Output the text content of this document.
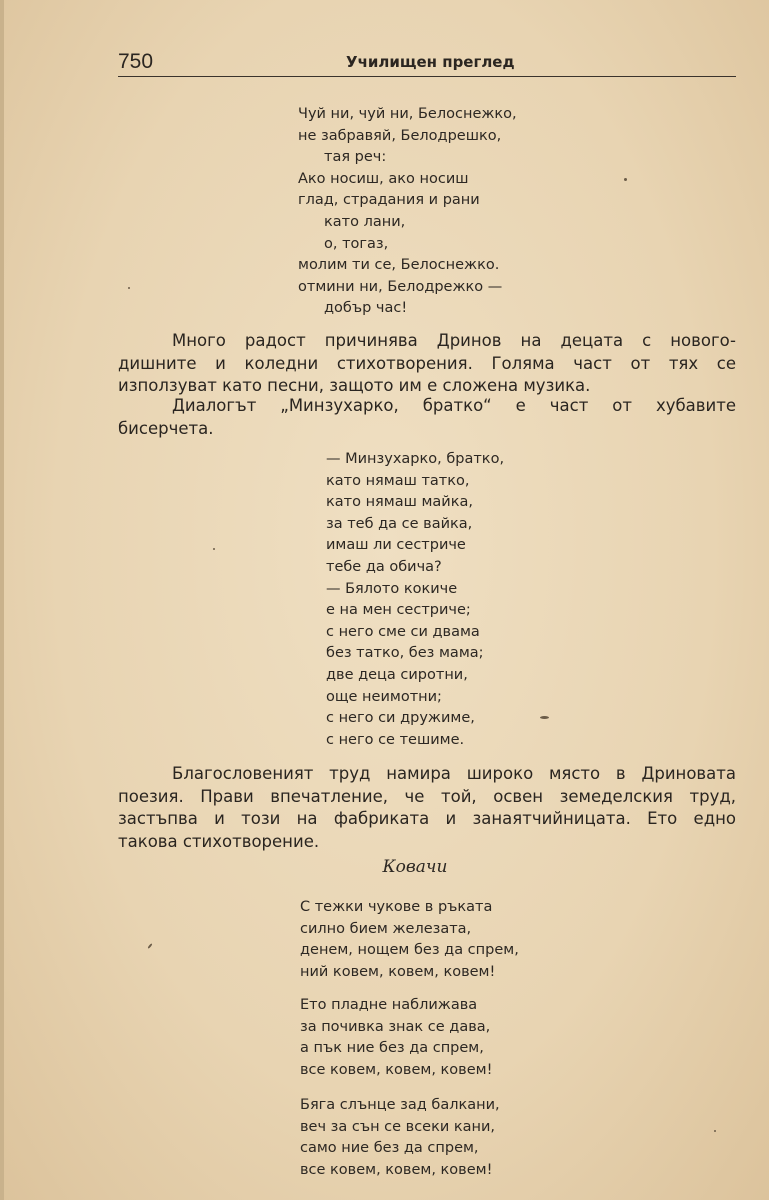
750	Училищен преглед
Чуй ни, чуй ни, Белоснежко,
не забравяй, Белодрешко,
тая реч:
Ако носиш, ако носиш
глад, страдания и рани
като лани,
о, тогаз,
молим ти се, Белоснежко.
отмини ни, Белодрежко —
добър час!
Много радост причинява Дринов на децата с новогo-
дишните и коледни стихотворения. Голяма част от тях се
използуват като песни, защото им е сложена музика.
Диалогът „Минзухарко, братко“ е част от хубавите
бисерчета.
— Минзухарко, братко,
като нямаш татко,
като нямаш майка,
за теб да се вайка,
имаш ли сестриче
тебе да обича?
— Бялото кокиче
е на мен сестриче;
с него сме си двама
без татко, без мама;
две деца сиротни,
още неимотни;
с него си дружиме,
с него се тешиме.
Благословеният труд намира широко място в Дриновата
поезия. Прави впечатление, че той, освен земеделския труд,
застъпва и този на фабриката и занаятчийницата. Ето едно
такова стихотворение.
Ковачи
С тежки чукове в ръката
силно бием железата,
денем, нощем без да спрем,
ний ковем, ковем, ковем!
Ето пладне наближава
за почивка знак се дава,
а пък ние без да спрем,
все ковем, ковем, ковем!
Бяга слънце зад балкани,
веч за сън се всеки кани,
само ние без да спрем,
все ковем, ковем, ковем!
